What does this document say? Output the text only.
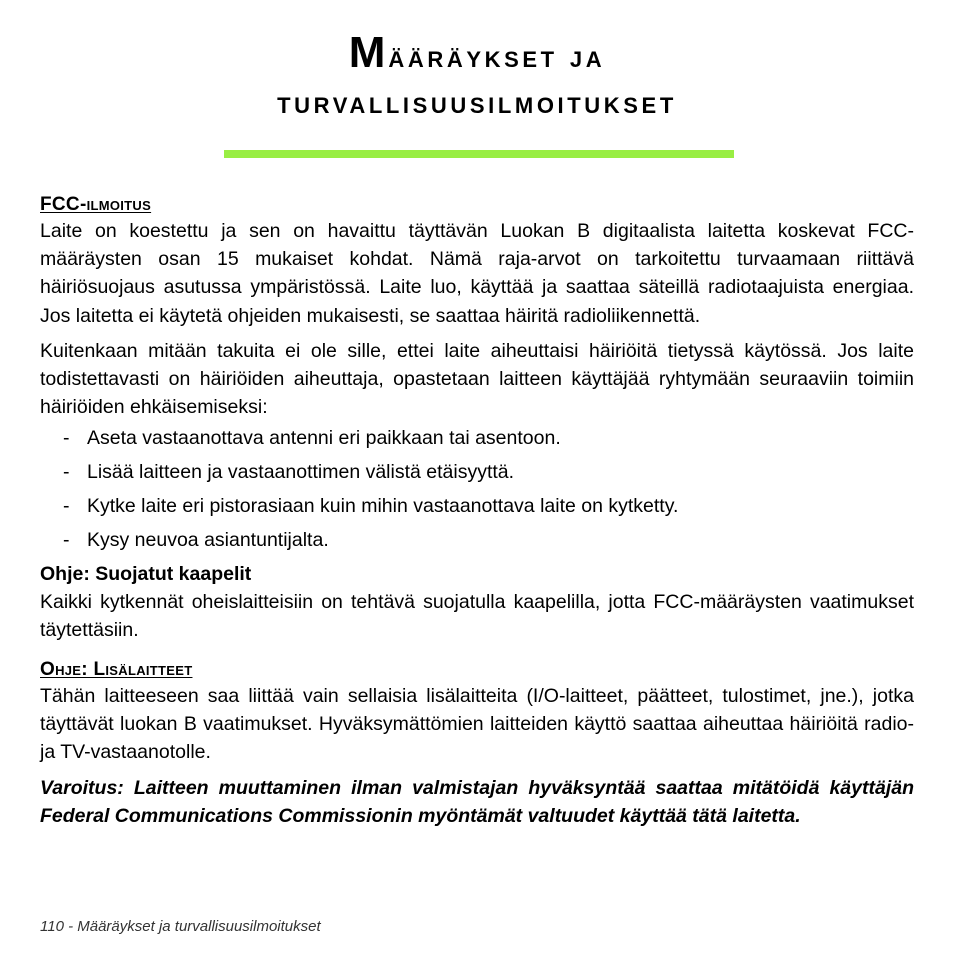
Määräykset ja
turvallisuusilmoitukset
FCC-ilmoitus

Laite on koestettu ja sen on havaittu täyttävän Luokan B digitaalista laitetta koskevat FCC-määräysten osan 15 mukaiset kohdat. Nämä raja-arvot on tarkoitettu turvaamaan riittävä häiriösuojaus asutussa ympäristössä. Laite luo, käyttää ja saattaa säteillä radiotaajuista energiaa. Jos laitetta ei käytetä ohjeiden mukaisesti, se saattaa häiritä radioliikennettä.

Kuitenkaan mitään takuita ei ole sille, ettei laite aiheuttaisi häiriöitä tietyssä käytössä. Jos laite todistettavasti on häiriöiden aiheuttaja, opastetaan laitteen käyttäjää ryhtymään seuraaviin toimiin häiriöiden ehkäisemiseksi:

- Aseta vastaanottava antenni eri paikkaan tai asentoon.
- Lisää laitteen ja vastaanottimen välistä etäisyyttä.
- Kytke laite eri pistorasiaan kuin mihin vastaanottava laite on kytketty.
- Kysy neuvoa asiantuntijalta.
Ohje: Suojatut kaapelit

Kaikki kytkennät oheislaitteisiin on tehtävä suojatulla kaapelilla, jotta FCC-määräysten vaatimukset täytettäsiin.

Ohje: Lisälaitteet

Tähän laitteeseen saa liittää vain sellaisia lisälaitteita (I/O-laitteet, päätteet, tulostimet, jne.), jotka täyttävät luokan B vaatimukset. Hyväksymättömien laitteiden käyttö saattaa aiheuttaa häiriöitä radio- ja TV-vastaanotolle.

Varoitus: Laitteen muuttaminen ilman valmistajan hyväksyntää saattaa mitätöidä käyttäjän Federal Communications Commissionin myöntämät valtuudet käyttää tätä laitetta.

110 - Määräykset ja turvallisuusilmoitukset
